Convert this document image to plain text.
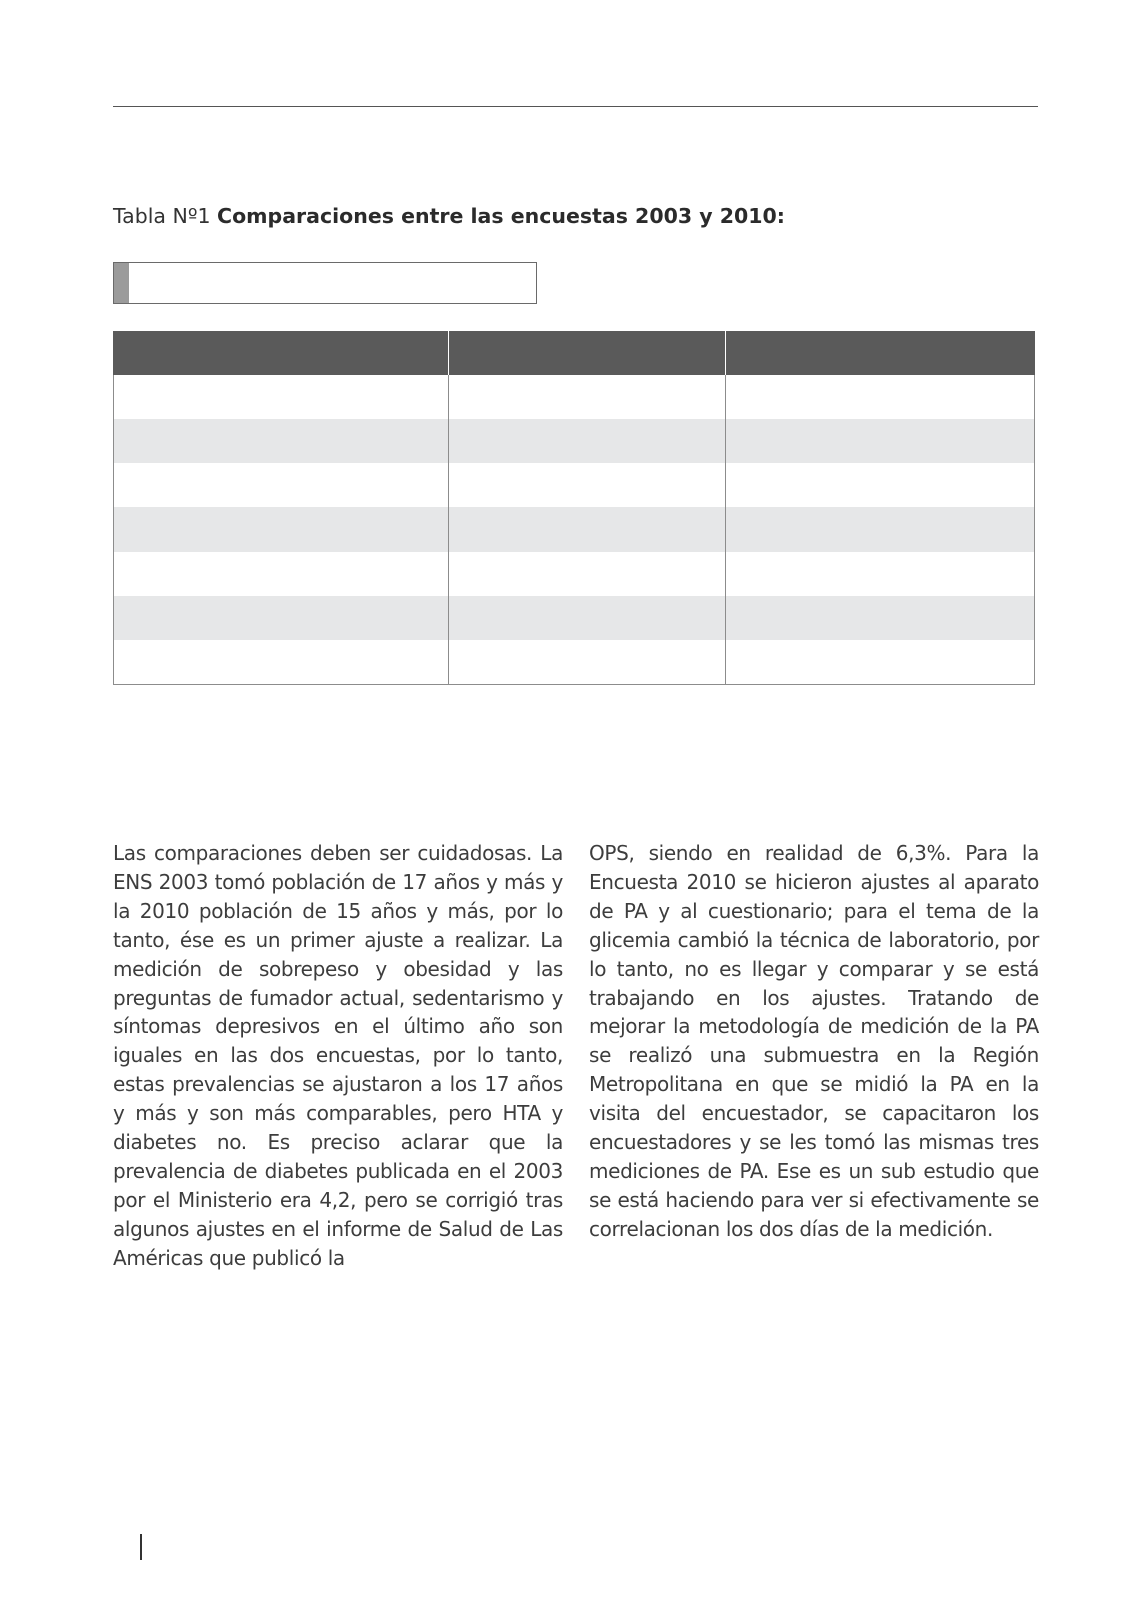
Tabla Nº1 Comparaciones entre las encuestas 2003 y 2010:

Las comparaciones deben ser cuidadosas. La ENS 2003 tomó población de 17 años y más y la 2010 población de 15 años y más, por lo tanto, ése es un primer ajuste a realizar. La medición de sobrepeso y obesidad y las preguntas de fumador actual, sedentarismo y síntomas depresivos en el último año son iguales en las dos encuestas, por lo tanto, estas prevalencias se ajustaron a los 17 años y más y son más comparables, pero HTA y diabetes no. Es preciso aclarar que la prevalencia de diabetes publicada en el 2003 por el Ministerio era 4,2, pero se corrigió tras algunos ajustes en el informe de Salud de Las Américas que publicó la
OPS, siendo en realidad de 6,3%. Para la Encuesta 2010 se hicieron ajustes al aparato de PA y al cuestionario; para el tema de la glicemia cambió la técnica de laboratorio, por lo tanto, no es llegar y comparar y se está trabajando en los ajustes. Tratando de mejorar la metodología de medición de la PA se realizó una submuestra en la Región Metropolitana en que se midió la PA en la visita del encuestador, se capacitaron los encuestadores y se les tomó las mismas tres mediciones de PA. Ese es un sub estudio que se está haciendo para ver si efectivamente se correlacionan los dos días de la medición.
